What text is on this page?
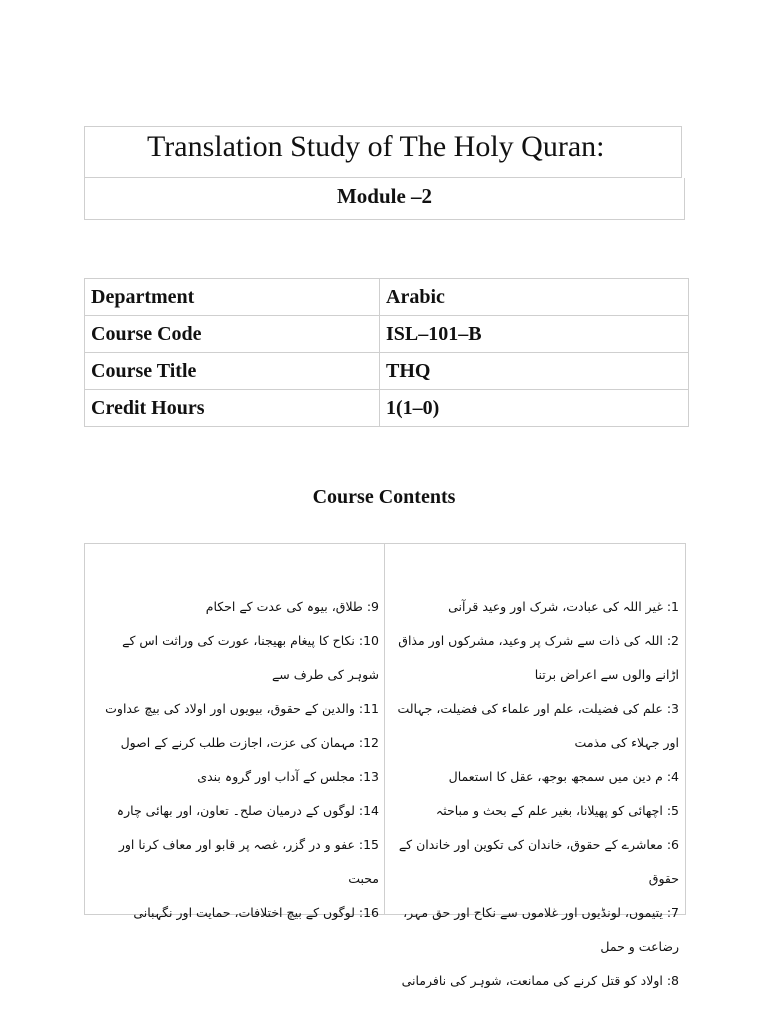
Translation Study of The Holy Quran:
Module –2
Department	Arabic
Course Code	ISL–101–B
Course Title	THQ
Credit Hours	1(1–0)
Course Contents
1: غیر اللہ کی عبادت، شرک اور وعید قرآنی
2: اللہ کی ذات سے شرک پر وعید، مشرکوں اور مذاق اڑانے والوں سے اعراض برتنا
3: علم کی فضیلت، علم اور علماء کی فضیلت، جہالت اور جہلاء کی مذمت
4: م دین میں سمجھ بوجھ، عقل کا استعمال
5: اچھائی کو پھیلانا، بغیر علم کے بحث و مباحثہ
6: معاشرے کے حقوق، خاندان کی تکوین اور خاندان کے حقوق
7: یتیموں، لونڈیوں اور غلاموں سے نکاح اور حق مہر، رضاعت و حمل
8: اولاد کو قتل کرنے کی ممانعت، شوہر کی نافرمانی
9: طلاق، بیوہ کی عدت کے احکام
10: نکاح کا پیغام بھیجنا، عورت کی وراثت اس کے شوہر کی طرف سے
11: والدین کے حقوق، بیویوں اور اولاد کی بیچ عداوت
12: مہمان کی عزت، اجازت طلب کرنے کے اصول
13: مجلس کے آداب اور گروہ بندی
14: لوگوں کے درمیان صلح۔ تعاون، اور بھائی چارہ
15: عفو و در گزر، غصہ پر قابو اور معاف کرنا اور محبت
16: لوگوں کے بیچ اختلافات، حمایت اور نگہبانی
